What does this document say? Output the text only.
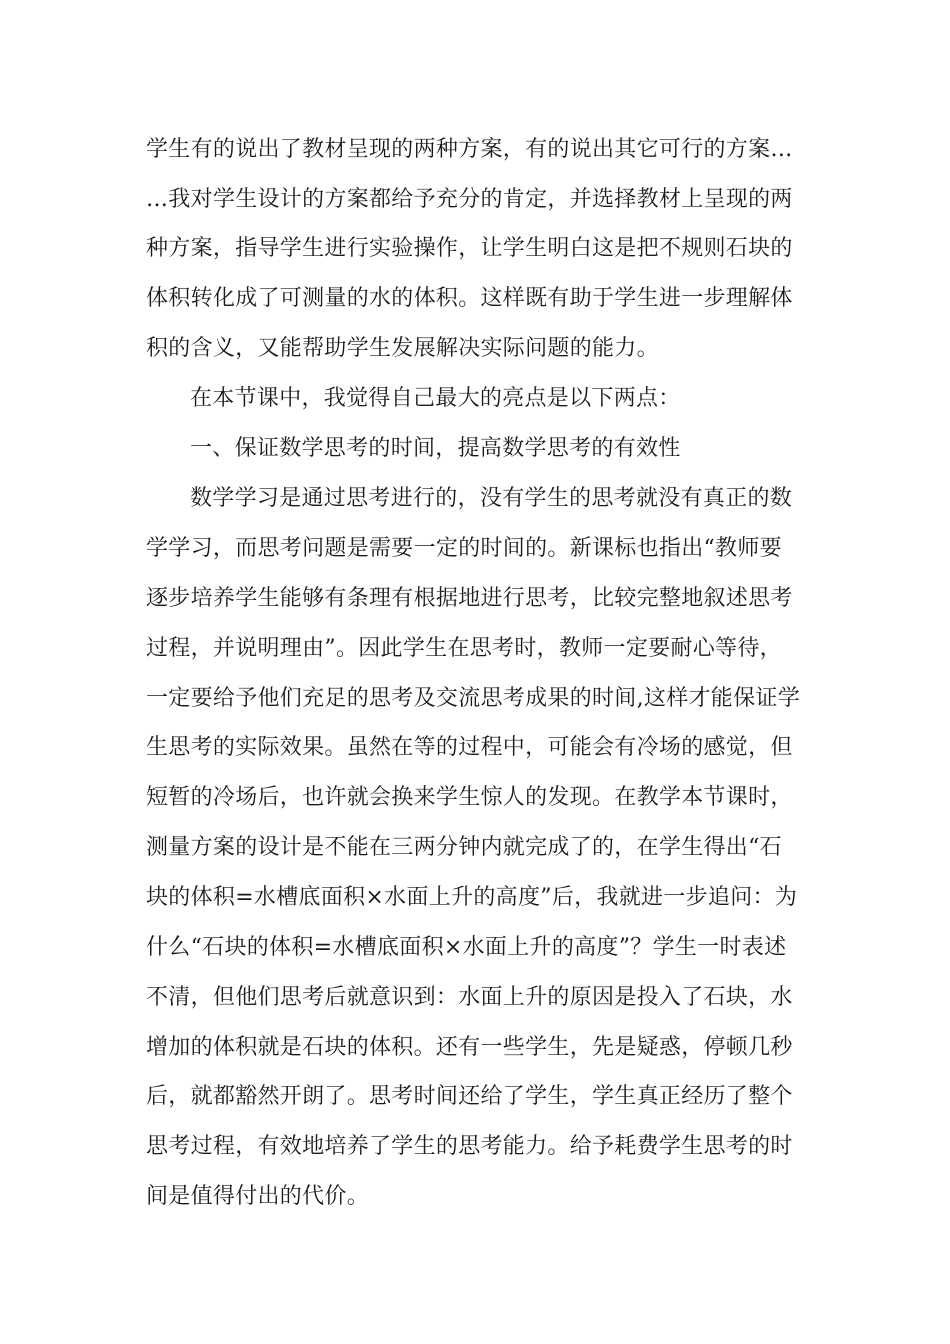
学生有的说出了教材呈现的两种方案，有的说出其它可行的方案…
…我对学生设计的方案都给予充分的肯定，并选择教材上呈现的两
种方案，指导学生进行实验操作，让学生明白这是把不规则石块的
体积转化成了可测量的水的体积。这样既有助于学生进一步理解体
积的含义，又能帮助学生发展解决实际问题的能力。
在本节课中，我觉得自己最大的亮点是以下两点：
一、保证数学思考的时间，提高数学思考的有效性
数学学习是通过思考进行的，没有学生的思考就没有真正的数
学学习，而思考问题是需要一定的时间的。新课标也指出“教师要
逐步培养学生能够有条理有根据地进行思考，比较完整地叙述思考
过程，并说明理由”。因此学生在思考时，教师一定要耐心等待，
一定要给予他们充足的思考及交流思考成果的时间,这样才能保证学
生思考的实际效果。虽然在等的过程中，可能会有冷场的感觉，但
短暂的冷场后，也许就会换来学生惊人的发现。在教学本节课时，
测量方案的设计是不能在三两分钟内就完成了的，在学生得出“石
块的体积=水槽底面积×水面上升的高度”后，我就进一步追问：为
什么“石块的体积=水槽底面积×水面上升的高度”？学生一时表述
不清，但他们思考后就意识到：水面上升的原因是投入了石块，水
增加的体积就是石块的体积。还有一些学生，先是疑惑，停顿几秒
后，就都豁然开朗了。思考时间还给了学生，学生真正经历了整个
思考过程，有效地培养了学生的思考能力。给予耗费学生思考的时
间是值得付出的代价。
